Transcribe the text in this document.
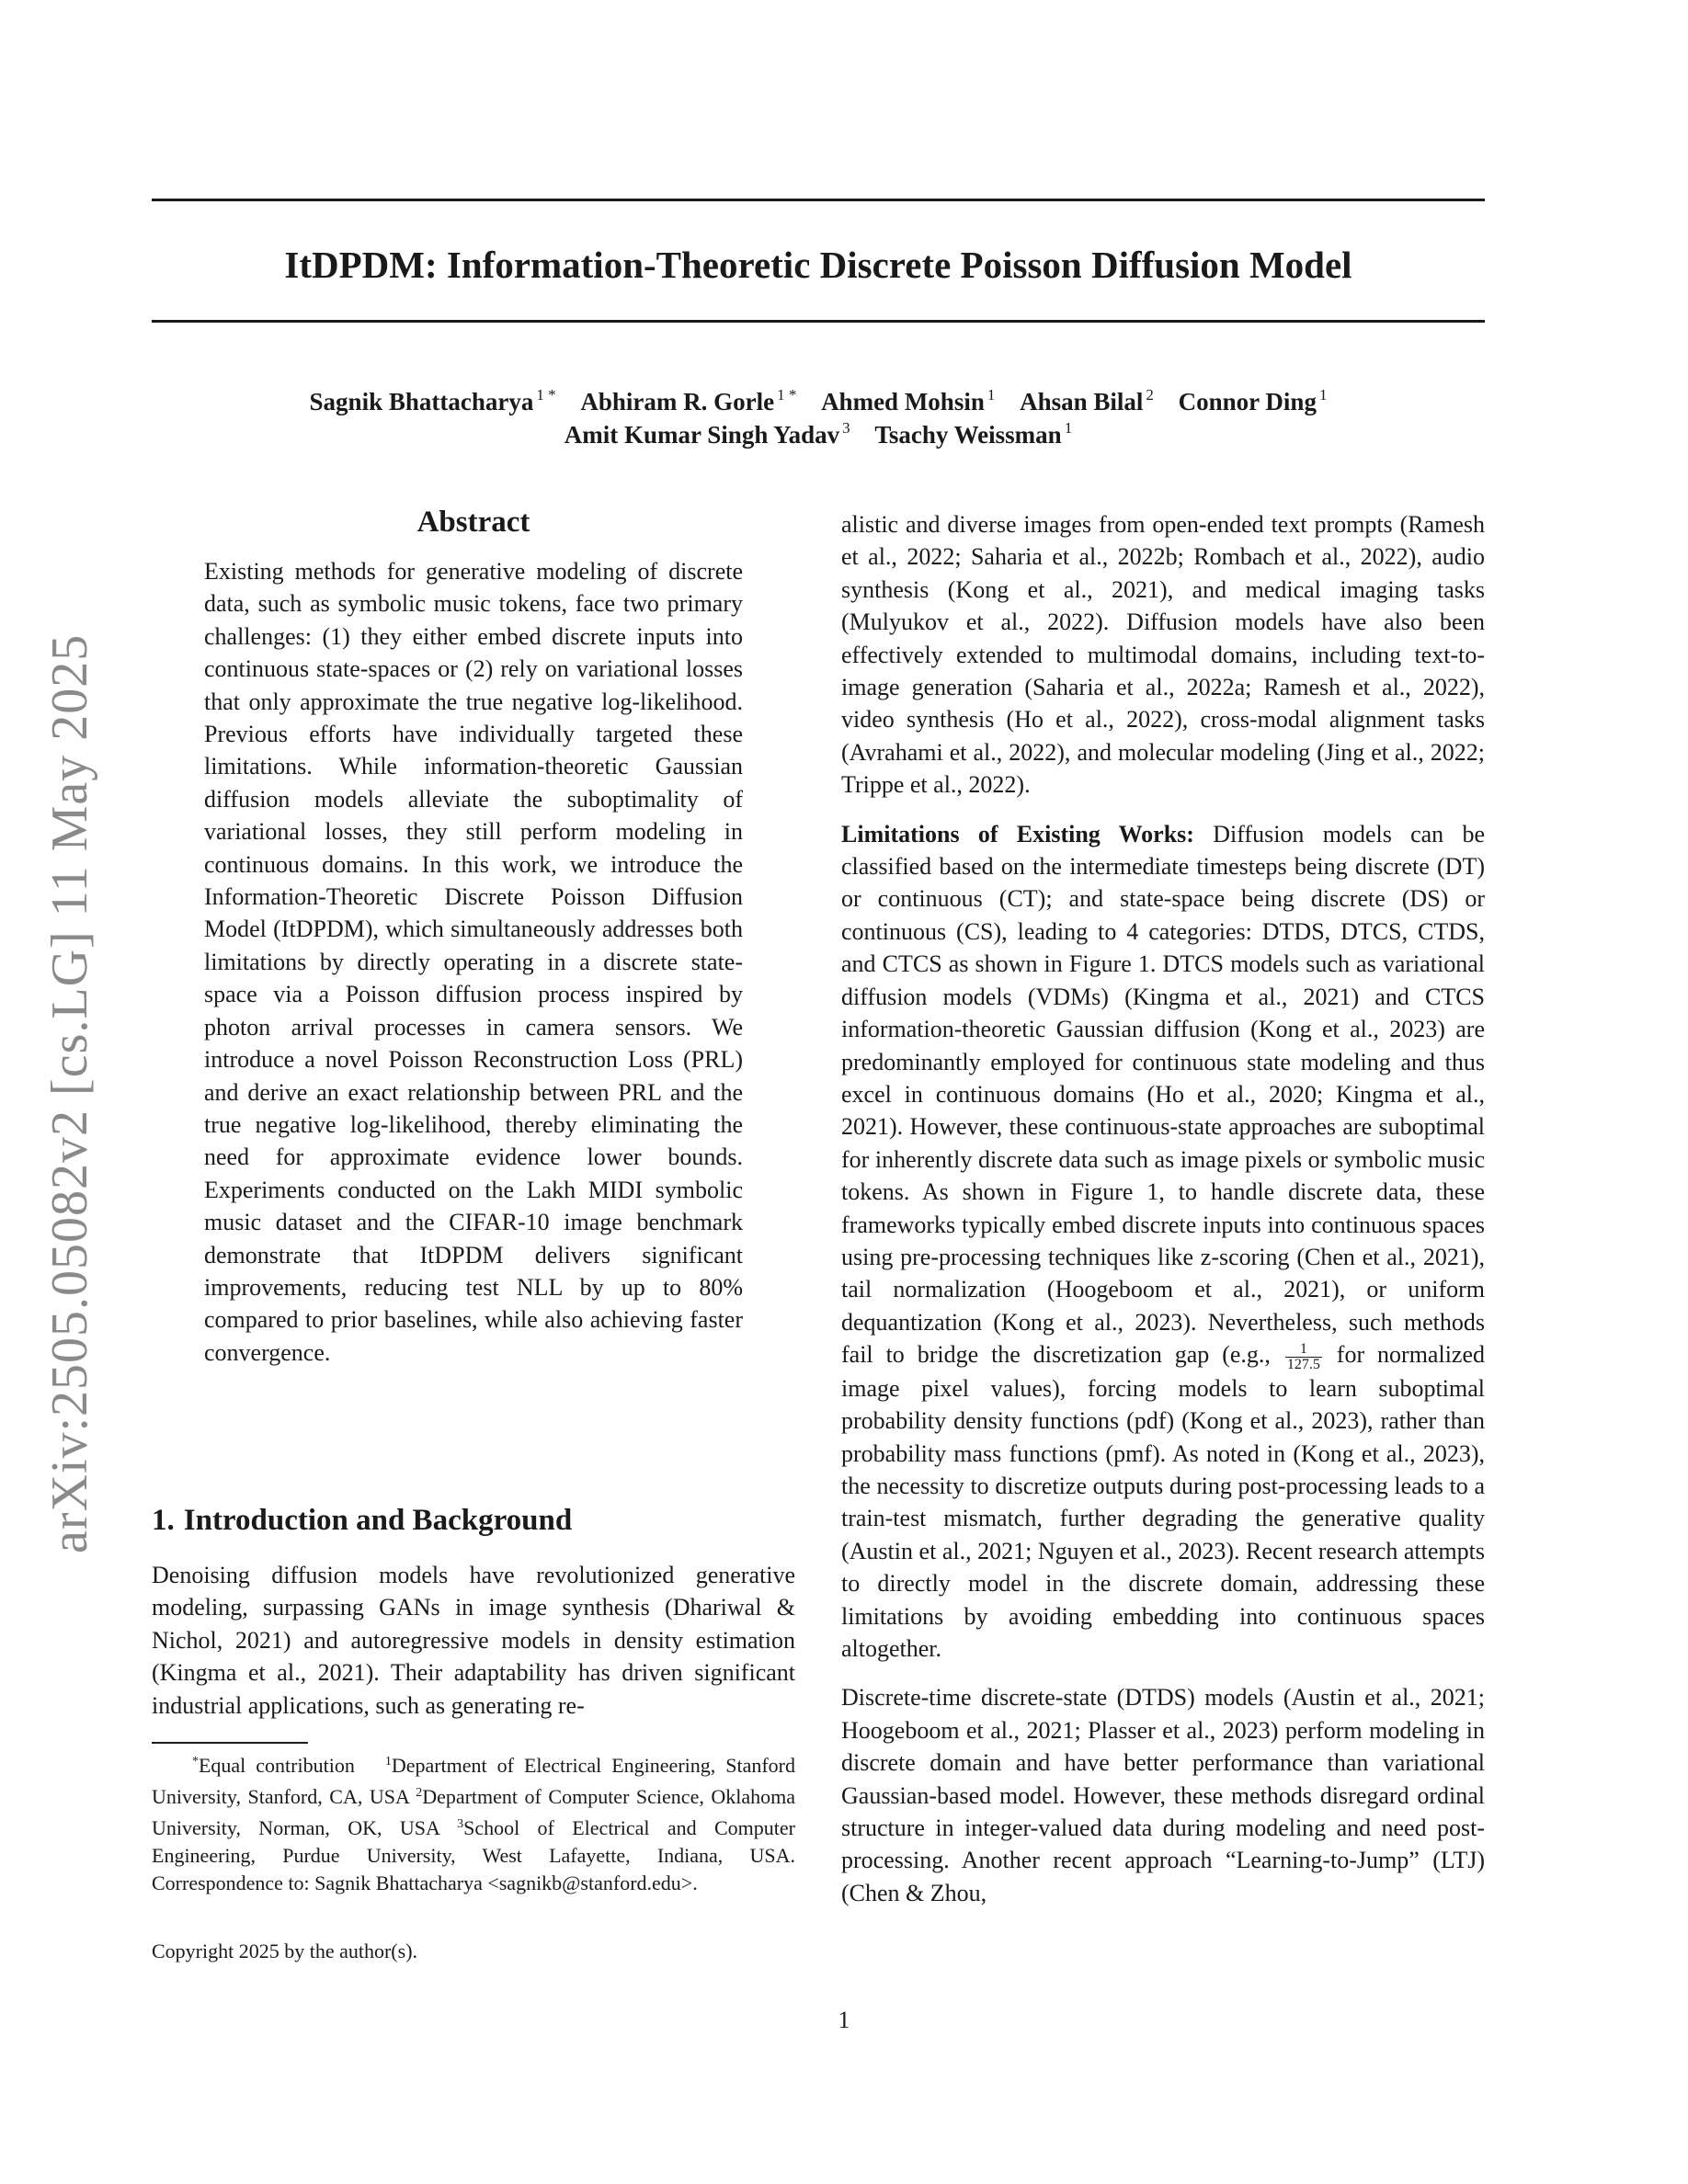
arXiv:2505.05082v2 [cs.LG] 11 May 2025
ItDPDM: Information-Theoretic Discrete Poisson Diffusion Model
Sagnik Bhattacharya $^{1 *}$ Abhiram R. Gorle $^{1 *}$ Ahmed Mohsin $^1$ Ahsan Bilal $^2$ Connor Ding $^1$
Amit Kumar Singh Yadav $^3$ Tsachy Weissman $^1$
Abstract

Existing methods for generative modeling of discrete data, such as symbolic music tokens, face two primary challenges: (1) they either embed discrete inputs into continuous state-spaces or (2) rely on variational losses that only approximate the true negative log-likelihood. Previous efforts have individually targeted these limitations. While information-theoretic Gaussian diffusion models alleviate the suboptimality of variational losses, they still perform modeling in continuous domains. In this work, we introduce the Information-Theoretic Discrete Poisson Diffusion Model (ItDPDM), which simultaneously addresses both limitations by directly operating in a discrete state-space via a Poisson diffusion process inspired by photon arrival processes in camera sensors. We introduce a novel Poisson Reconstruction Loss (PRL) and derive an exact relationship between PRL and the true negative log-likelihood, thereby eliminating the need for approximate evidence lower bounds. Experiments conducted on the Lakh MIDI symbolic music dataset and the CIFAR-10 image benchmark demonstrate that ItDPDM delivers significant improvements, reducing test NLL by up to 80% compared to prior baselines, while also achieving faster convergence.

1. Introduction and Background

Denoising diffusion models have revolutionized generative modeling, surpassing GANs in image synthesis (Dhariwal & Nichol, 2021) and autoregressive models in density estimation (Kingma et al., 2021). Their adaptability has driven significant industrial applications, such as generating re-

*Equal contribution $^1$Department of Electrical Engineering, Stanford University, Stanford, CA, USA $^2$Department of Computer Science, Oklahoma University, Norman, OK, USA $^3$School of Electrical and Computer Engineering, Purdue University, West Lafayette, Indiana, USA. Correspondence to: Sagnik Bhattacharya <sagnikb@stanford.edu>.
Copyright 2025 by the author(s).

alistic and diverse images from open-ended text prompts (Ramesh et al., 2022; Saharia et al., 2022b; Rombach et al., 2022), audio synthesis (Kong et al., 2021), and medical imaging tasks (Mulyukov et al., 2022). Diffusion models have also been effectively extended to multimodal domains, including text-to-image generation (Saharia et al., 2022a; Ramesh et al., 2022), video synthesis (Ho et al., 2022), cross-modal alignment tasks (Avrahami et al., 2022), and molecular modeling (Jing et al., 2022; Trippe et al., 2022).

Limitations of Existing Works: Diffusion models can be classified based on the intermediate timesteps being discrete (DT) or continuous (CT); and state-space being discrete (DS) or continuous (CS), leading to 4 categories: DTDS, DTCS, CTDS, and CTCS as shown in Figure 1. DTCS models such as variational diffusion models (VDMs) (Kingma et al., 2021) and CTCS information-theoretic Gaussian diffusion (Kong et al., 2023) are predominantly employed for continuous state modeling and thus excel in continuous domains (Ho et al., 2020; Kingma et al., 2021). However, these continuous-state approaches are suboptimal for inherently discrete data such as image pixels or symbolic music tokens. As shown in Figure 1, to handle discrete data, these frameworks typically embed discrete inputs into continuous spaces using pre-processing techniques like z-scoring (Chen et al., 2021), tail normalization (Hoogeboom et al., 2021), or uniform dequantization (Kong et al., 2023). Nevertheless, such methods fail to bridge the discretization gap (e.g., $\frac{1}{127.5}$ for normalized image pixel values), forcing models to learn suboptimal probability density functions (pdf) (Kong et al., 2023), rather than probability mass functions (pmf). As noted in (Kong et al., 2023), the necessity to discretize outputs during post-processing leads to a train-test mismatch, further degrading the generative quality (Austin et al., 2021; Nguyen et al., 2023). Recent research attempts to directly model in the discrete domain, addressing these limitations by avoiding embedding into continuous spaces altogether.

Discrete-time discrete-state (DTDS) models (Austin et al., 2021; Hoogeboom et al., 2021; Plasser et al., 2023) perform modeling in discrete domain and have better performance than variational Gaussian-based model. However, these methods disregard ordinal structure in integer-valued data during modeling and need post-processing. Another recent approach “Learning-to-Jump” (LTJ) (Chen & Zhou,

1
